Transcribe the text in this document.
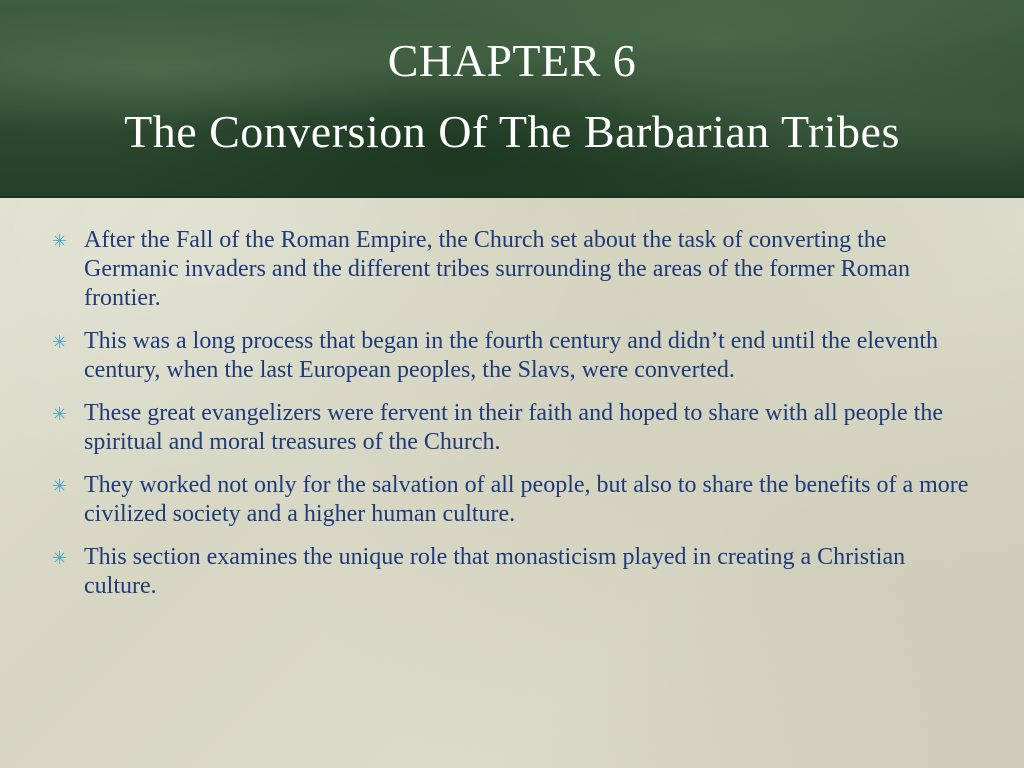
CHAPTER 6
The Conversion Of The Barbarian Tribes
✳ After the Fall of the Roman Empire, the Church set about the task of converting the Germanic invaders and the different tribes surrounding the areas of the former Roman frontier.
✳ This was a long process that began in the fourth century and didn’t end until the eleventh century, when the last European peoples, the Slavs, were converted.
✳ These great evangelizers were fervent in their faith and hoped to share with all people the spiritual and moral treasures of the Church.
✳ They worked not only for the salvation of all people, but also to share the benefits of a more civilized society and a higher human culture.
✳ This section examines the unique role that monasticism played in creating a Christian culture.
